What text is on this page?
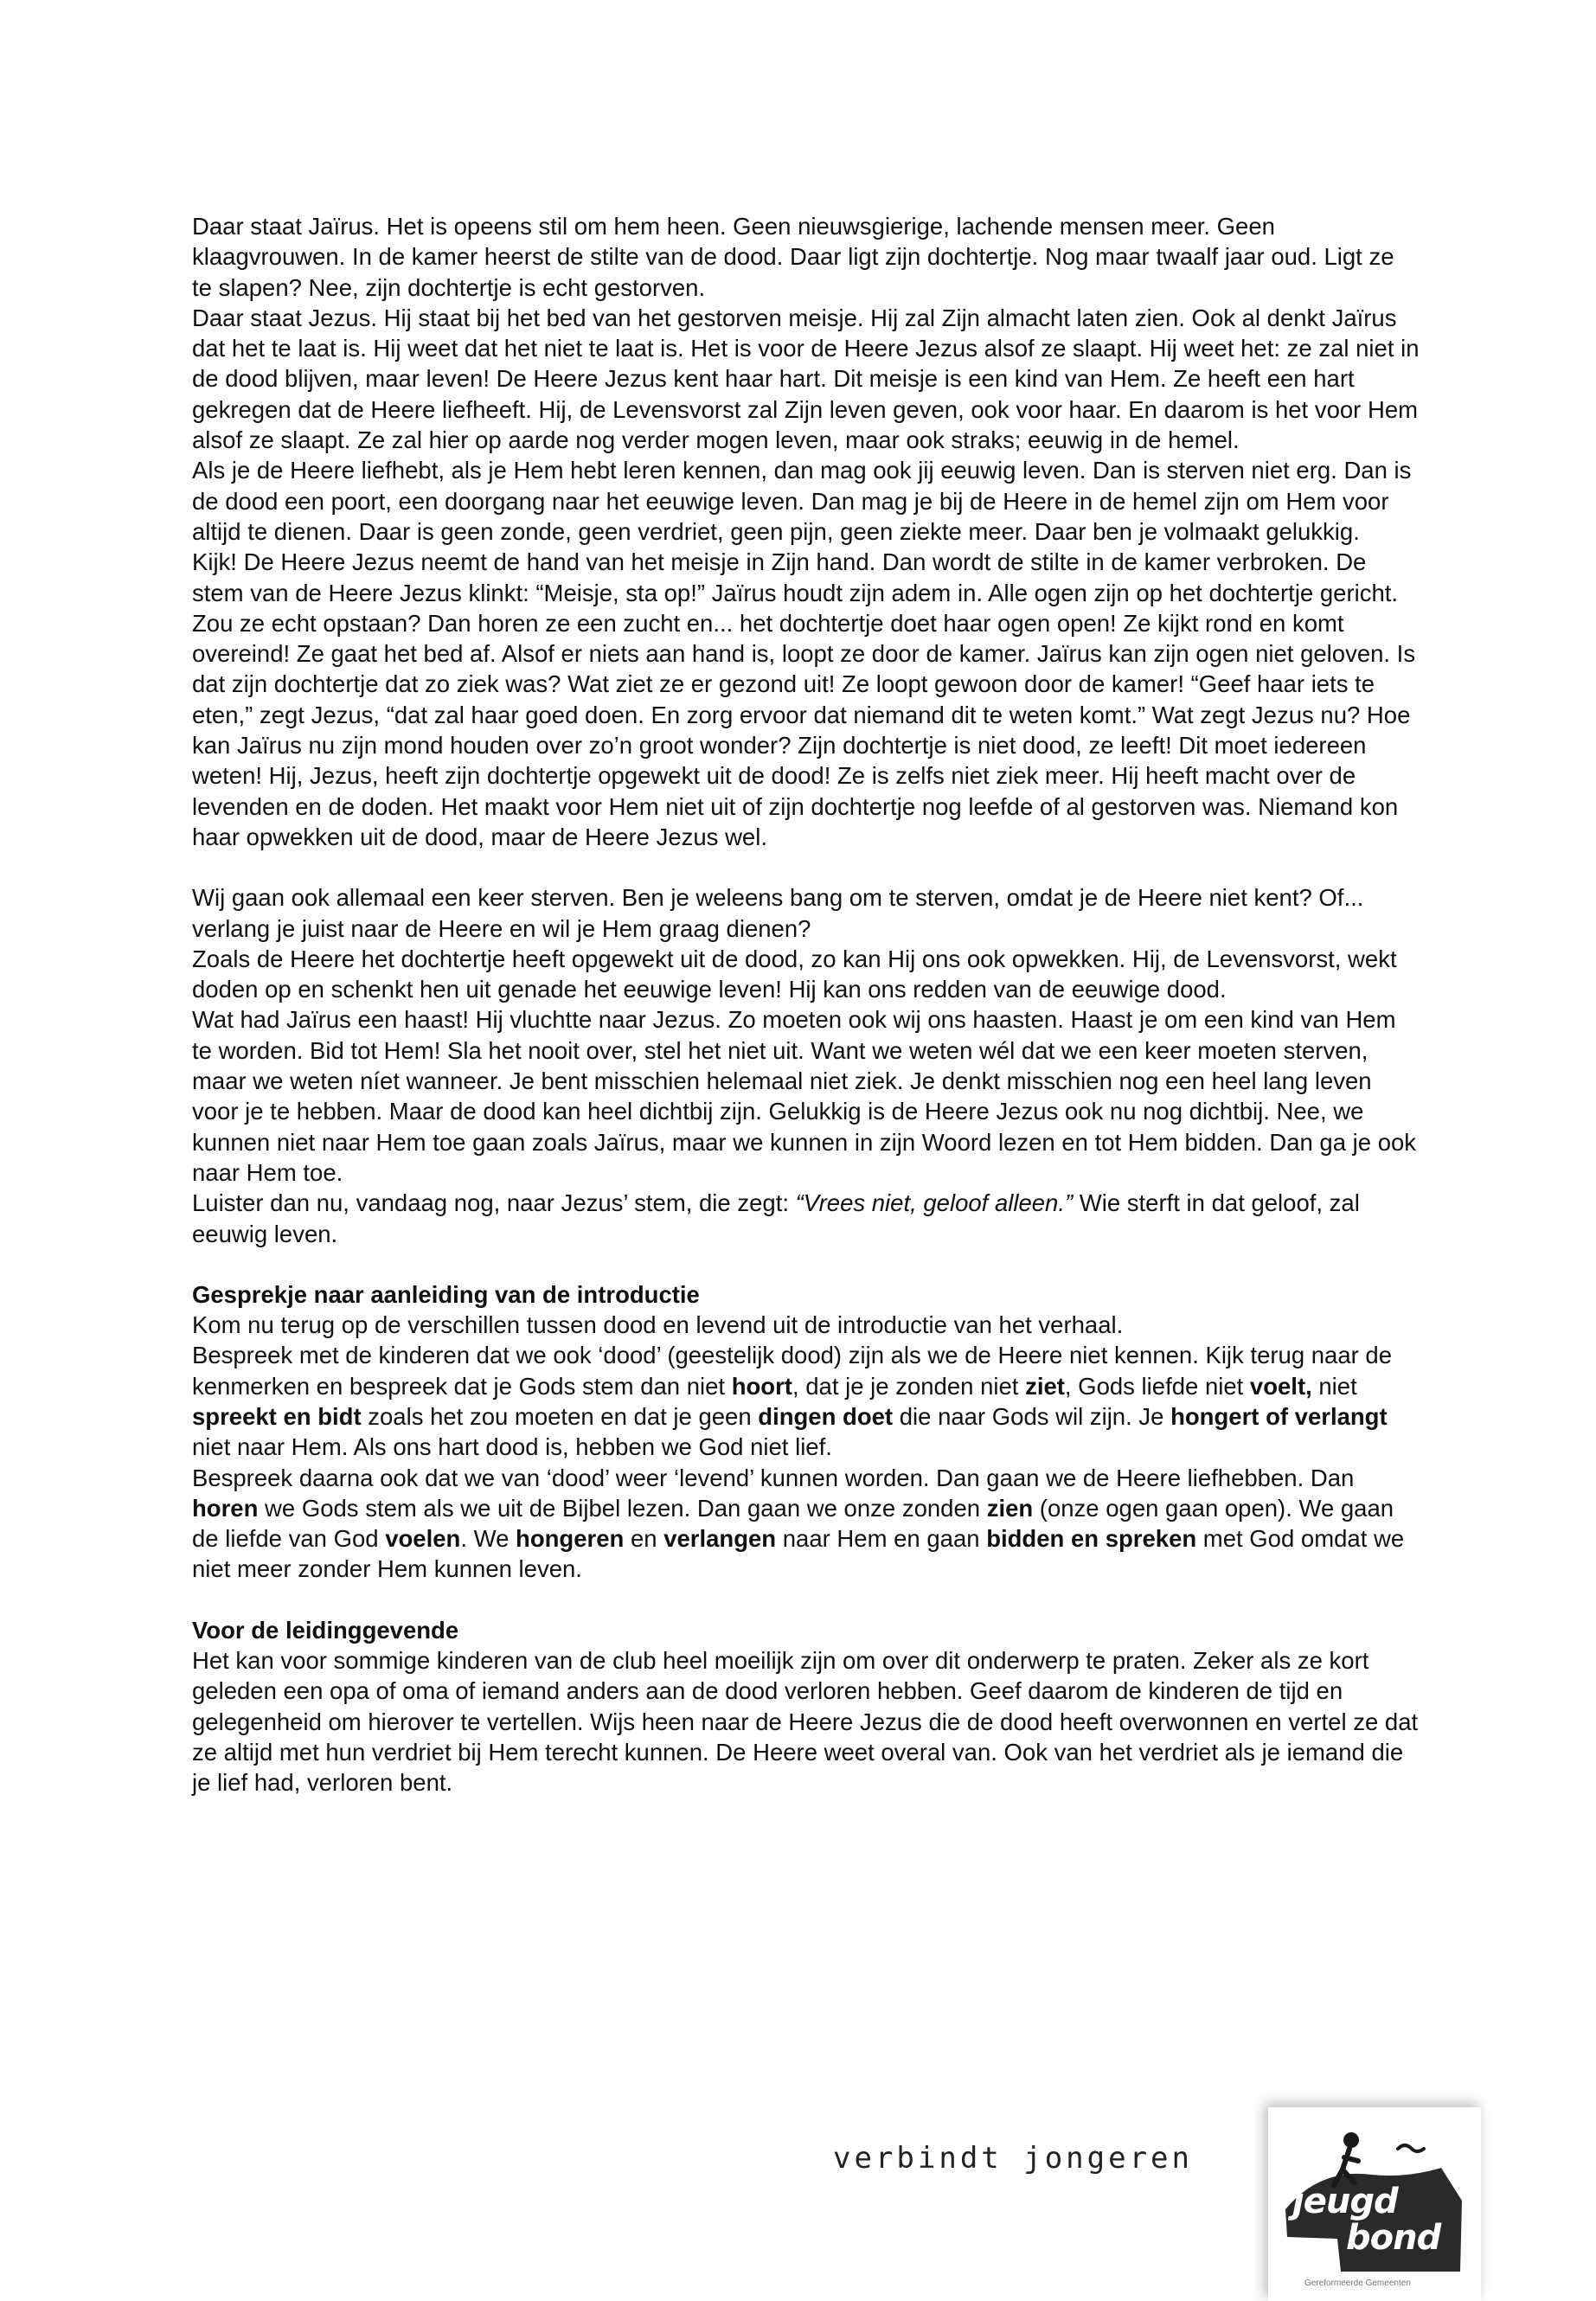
Daar staat Jaïrus. Het is opeens stil om hem heen. Geen nieuwsgierige, lachende mensen meer. Geen klaagvrouwen. In de kamer heerst de stilte van de dood. Daar ligt zijn dochtertje. Nog maar twaalf jaar oud. Ligt ze te slapen? Nee, zijn dochtertje is echt gestorven.

Daar staat Jezus. Hij staat bij het bed van het gestorven meisje. Hij zal Zijn almacht laten zien. Ook al denkt Jaïrus dat het te laat is. Hij weet dat het niet te laat is. Het is voor de Heere Jezus alsof ze slaapt. Hij weet het: ze zal niet in de dood blijven, maar leven! De Heere Jezus kent haar hart. Dit meisje is een kind van Hem. Ze heeft een hart gekregen dat de Heere liefheeft. Hij, de Levensvorst zal Zijn leven geven, ook voor haar. En daarom is het voor Hem alsof ze slaapt. Ze zal hier op aarde nog verder mogen leven, maar ook straks; eeuwig in de hemel.

Als je de Heere liefhebt, als je Hem hebt leren kennen, dan mag ook jij eeuwig leven. Dan is sterven niet erg. Dan is de dood een poort, een doorgang naar het eeuwige leven. Dan mag je bij de Heere in de hemel zijn om Hem voor altijd te dienen. Daar is geen zonde, geen verdriet, geen pijn, geen ziekte meer. Daar ben je volmaakt gelukkig.

Kijk! De Heere Jezus neemt de hand van het meisje in Zijn hand. Dan wordt de stilte in de kamer verbroken. De stem van de Heere Jezus klinkt: “Meisje, sta op!” Jaïrus houdt zijn adem in. Alle ogen zijn op het dochtertje gericht. Zou ze echt opstaan? Dan horen ze een zucht en... het dochtertje doet haar ogen open! Ze kijkt rond en komt overeind! Ze gaat het bed af. Alsof er niets aan hand is, loopt ze door de kamer. Jaïrus kan zijn ogen niet geloven. Is dat zijn dochtertje dat zo ziek was? Wat ziet ze er gezond uit! Ze loopt gewoon door de kamer! “Geef haar iets te eten,” zegt Jezus, “dat zal haar goed doen. En zorg ervoor dat niemand dit te weten komt.” Wat zegt Jezus nu? Hoe kan Jaïrus nu zijn mond houden over zo’n groot wonder? Zijn dochtertje is niet dood, ze leeft! Dit moet iedereen weten! Hij, Jezus, heeft zijn dochtertje opgewekt uit de dood! Ze is zelfs niet ziek meer. Hij heeft macht over de levenden en de doden. Het maakt voor Hem niet uit of zijn dochtertje nog leefde of al gestorven was. Niemand kon haar opwekken uit de dood, maar de Heere Jezus wel.

Wij gaan ook allemaal een keer sterven. Ben je weleens bang om te sterven, omdat je de Heere niet kent? Of... verlang je juist naar de Heere en wil je Hem graag dienen?

Zoals de Heere het dochtertje heeft opgewekt uit de dood, zo kan Hij ons ook opwekken. Hij, de Levensvorst, wekt doden op en schenkt hen uit genade het eeuwige leven! Hij kan ons redden van de eeuwige dood.

Wat had Jaïrus een haast! Hij vluchtte naar Jezus. Zo moeten ook wij ons haasten. Haast je om een kind van Hem te worden. Bid tot Hem! Sla het nooit over, stel het niet uit. Want we weten wél dat we een keer moeten sterven, maar we weten níet wanneer. Je bent misschien helemaal niet ziek. Je denkt misschien nog een heel lang leven voor je te hebben. Maar de dood kan heel dichtbij zijn. Gelukkig is de Heere Jezus ook nu nog dichtbij. Nee, we kunnen niet naar Hem toe gaan zoals Jaïrus, maar we kunnen in zijn Woord lezen en tot Hem bidden. Dan ga je ook naar Hem toe.

Luister dan nu, vandaag nog, naar Jezus’ stem, die zegt: “Vrees niet, geloof alleen.” Wie sterft in dat geloof, zal eeuwig leven.

Gesprekje naar aanleiding van de introductie

Kom nu terug op de verschillen tussen dood en levend uit de introductie van het verhaal.

Bespreek met de kinderen dat we ook ‘dood’ (geestelijk dood) zijn als we de Heere niet kennen. Kijk terug naar de kenmerken en bespreek dat je Gods stem dan niet hoort, dat je je zonden niet ziet, Gods liefde niet voelt, niet spreekt en bidt zoals het zou moeten en dat je geen dingen doet die naar Gods wil zijn. Je hongert of verlangt niet naar Hem. Als ons hart dood is, hebben we God niet lief.

Bespreek daarna ook dat we van ‘dood’ weer ‘levend’ kunnen worden. Dan gaan we de Heere liefhebben. Dan horen we Gods stem als we uit de Bijbel lezen. Dan gaan we onze zonden zien (onze ogen gaan open). We gaan de liefde van God voelen. We hongeren en verlangen naar Hem en gaan bidden en spreken met God omdat we niet meer zonder Hem kunnen leven.

Voor de leidinggevende

Het kan voor sommige kinderen van de club heel moeilijk zijn om over dit onderwerp te praten. Zeker als ze kort geleden een opa of oma of iemand anders aan de dood verloren hebben. Geef daarom de kinderen de tijd en gelegenheid om hierover te vertellen. Wijs heen naar de Heere Jezus die de dood heeft overwonnen en vertel ze dat ze altijd met hun verdriet bij Hem terecht kunnen. De Heere weet overal van. Ook van het verdriet als je iemand die je lief had, verloren bent.

verbindt jongeren
jeugd
bond
Gereformeerde Gemeenten
